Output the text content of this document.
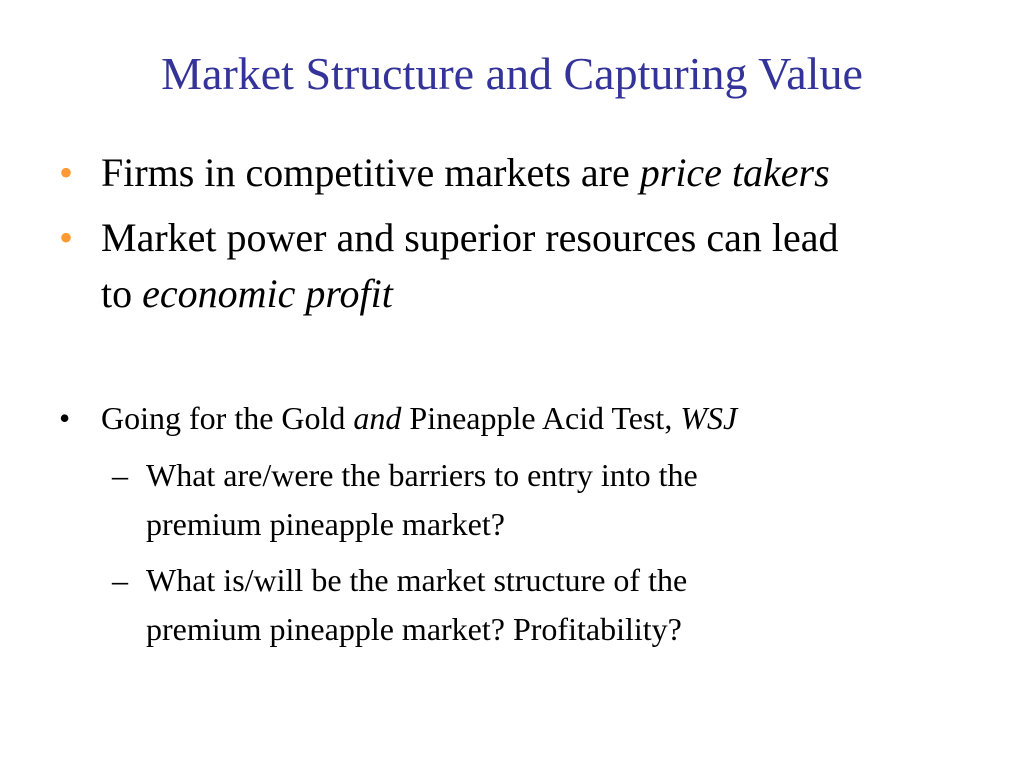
Market Structure and Capturing Value
• Firms in competitive markets are price takers
• Market power and superior resources can lead
to economic profit
• Going for the Gold and Pineapple Acid Test, WSJ
– What are/were the barriers to entry into the
premium pineapple market?
– What is/will be the market structure of the
premium pineapple market? Profitability?
